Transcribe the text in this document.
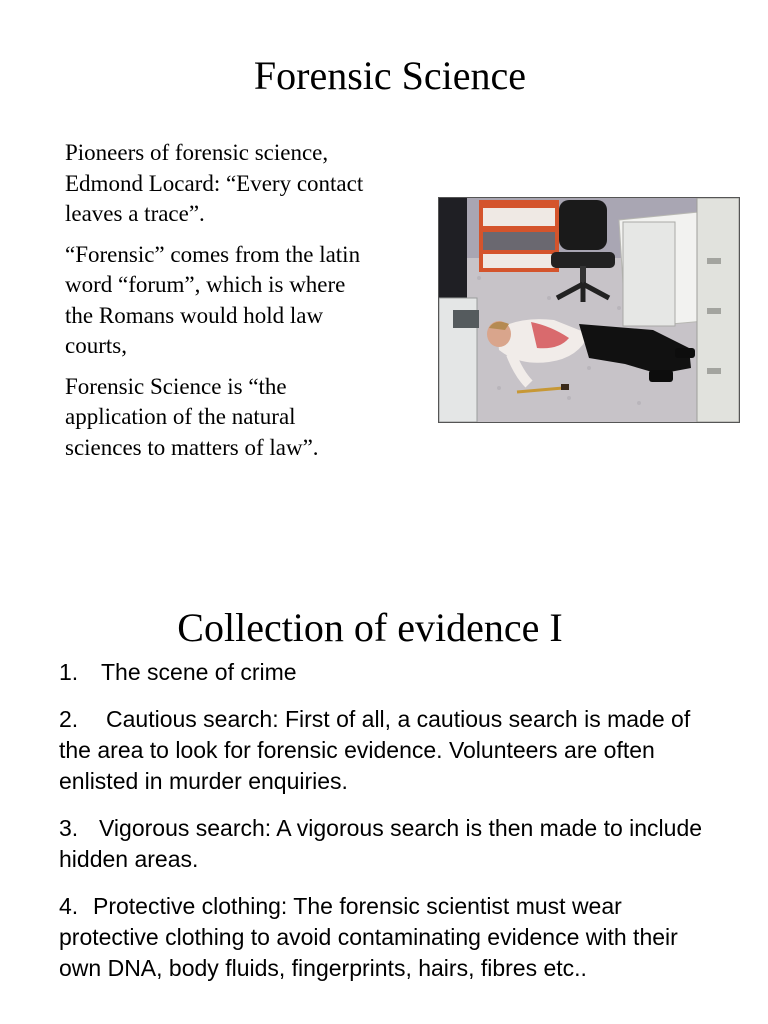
Forensic Science

Pioneers of forensic science, Edmond Locard: “Every contact leaves a trace”.

“Forensic” comes from the latin word “forum”, which is where the Romans would hold law courts,

Forensic Science is “the application of the natural sciences to matters of law”.

Collection of evidence I

1. The scene of crime

2. Cautious search: First of all, a cautious search is made of the area to look for forensic evidence. Volunteers are often enlisted in murder enquiries.

3. Vigorous search: A vigorous search is then made to include hidden areas.

4. Protective clothing: The forensic scientist must wear protective clothing to avoid contaminating evidence with their own DNA, body fluids, fingerprints, hairs, fibres etc..
